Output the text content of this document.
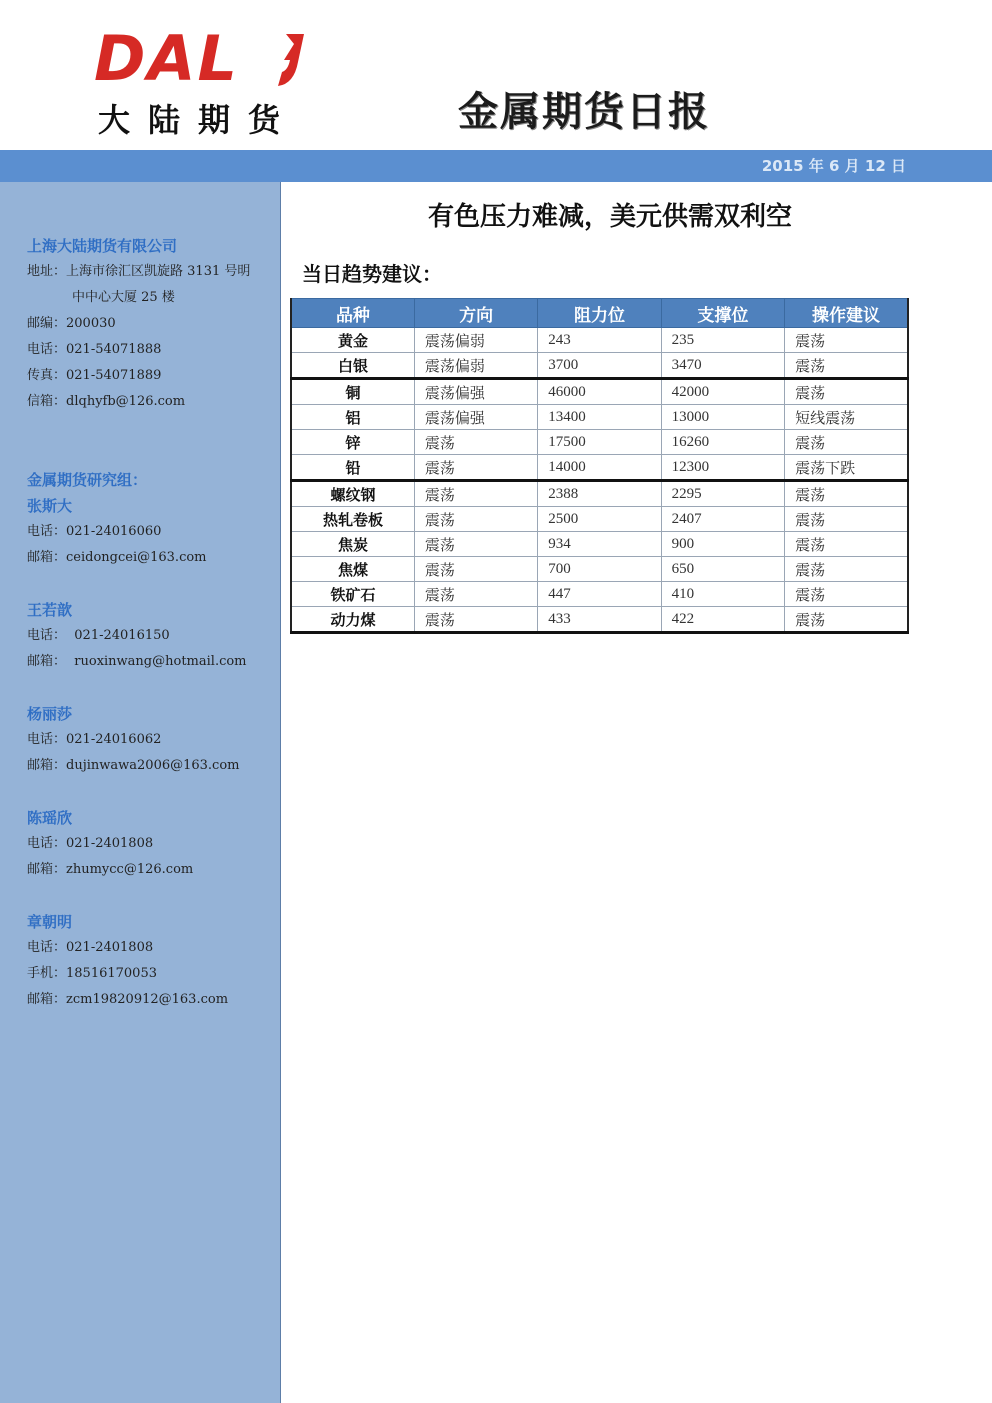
DAL
大陆期货	金属期货日报
2015 年 6 月 12 日
上海大陆期货有限公司
地址：上海市徐汇区凯旋路 3131 号明
中中心大厦 25 楼
邮编：200030
电话：021-54071888
传真：021-54071889
信箱：dlqhyfb@126.com
金属期货研究组：
张斯大
电话：021-24016060
邮箱：ceidongcei@163.com
王若歆
电话： 021-24016150
邮箱： ruoxinwang@hotmail.com
杨丽莎
电话：021-24016062
邮箱：dujinwawa2006@163.com
陈瑶欣
电话：021-2401808
邮箱：zhumycc@126.com
章朝明
电话：021-2401808
手机：18516170053
邮箱：zcm19820912@163.com
有色压力难减，美元供需双利空
当日趋势建议：
品种	方向	阻力位	支撑位	操作建议
黄金	震荡偏弱	243	235	震荡
白银	震荡偏弱	3700	3470	震荡
铜	震荡偏强	46000	42000	震荡
铝	震荡偏强	13400	13000	短线震荡
锌	震荡	17500	16260	震荡
铅	震荡	14000	12300	震荡下跌
螺纹钢	震荡	2388	2295	震荡
热轧卷板	震荡	2500	2407	震荡
焦炭	震荡	934	900	震荡
焦煤	震荡	700	650	震荡
铁矿石	震荡	447	410	震荡
动力煤	震荡	433	422	震荡
